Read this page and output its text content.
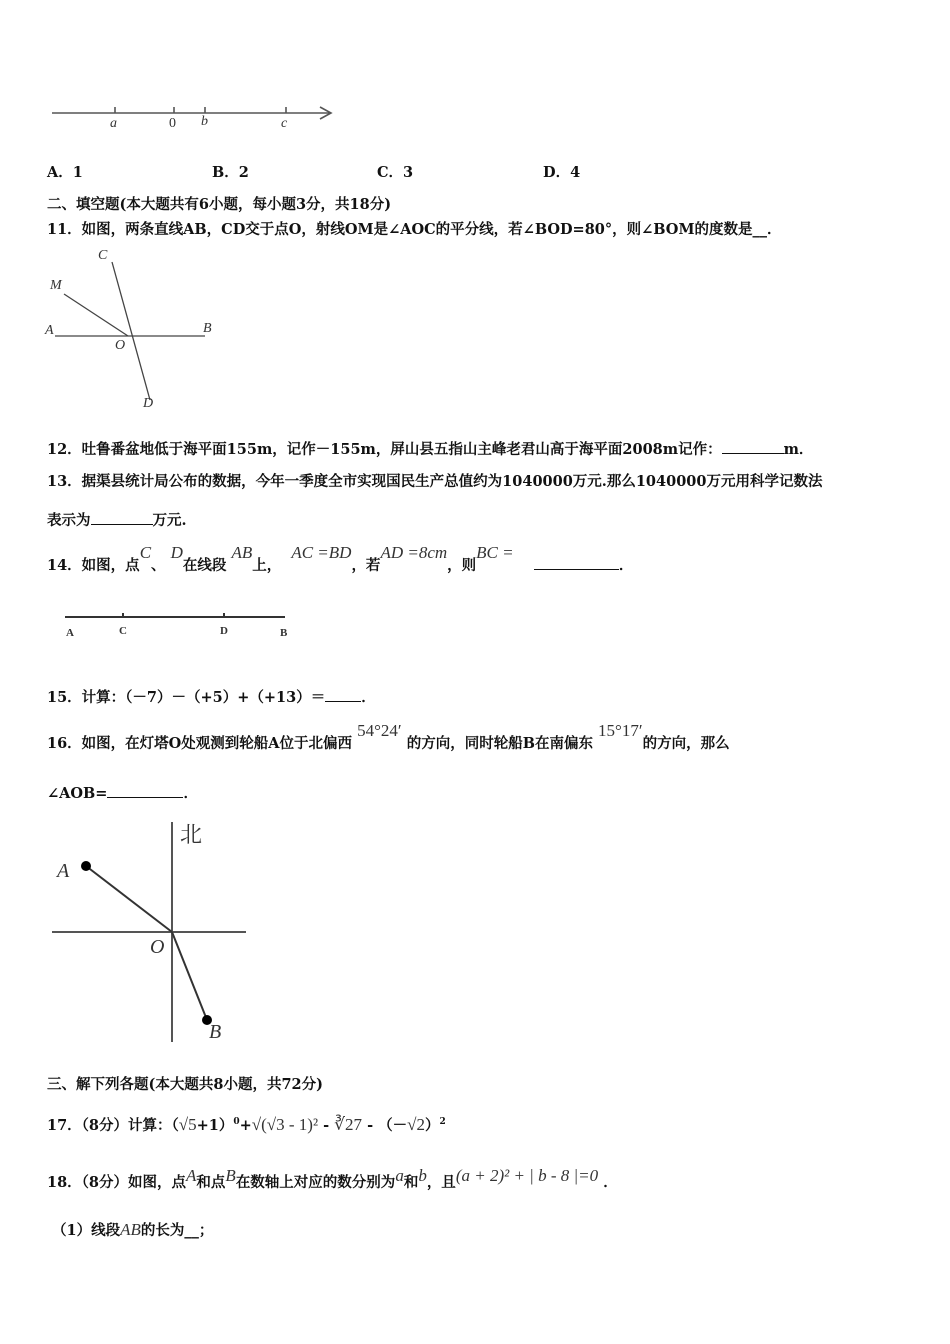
a	0 b	c
A．1	B．2	C．3	D．4
二、填空题(本大题共有6小题，每小题3分，共18分)
11．如图，两条直线AB，CD交于点O，射线OM是∠AOC的平分线，若∠BOD=80°，则∠BOM的度数是__．
C
M
A
O
B
D
12．吐鲁番盆地低于海平面155m，记作－155m，屏山县五指山主峰老君山高于海平面2008m记作：	m．
13．据渠县统计局公布的数据，今年一季度全市实现国民生产总值约为1040000万元.那么1040000万元用科学记数法
表示为	万元.
14．如图，点C、 D在线段 AB上，  AC =BD，若AD =8cm，则BC =    ．
A	C	D	B
15．计算：（－7）－（+5）+（+13）＝ ．
16．如图，在灯塔O处观测到轮船A位于北偏西 54°24′ 的方向，同时轮船B在南偏东 15°17′的方向，那么
∠AOB=	．
北
A
O
B
三、解下列各题(本大题共8小题，共72分)
17．（8分）计算：$(√5+1)^0+√(√3 - 1)^2$ - ∛27 - $(-√2)^2$
18．（8分）如图，点A和点B在数轴上对应的数分别为a和b，且(a + 2)² + | b - 8 |=0 ．
（1）线段AB的长为__；
